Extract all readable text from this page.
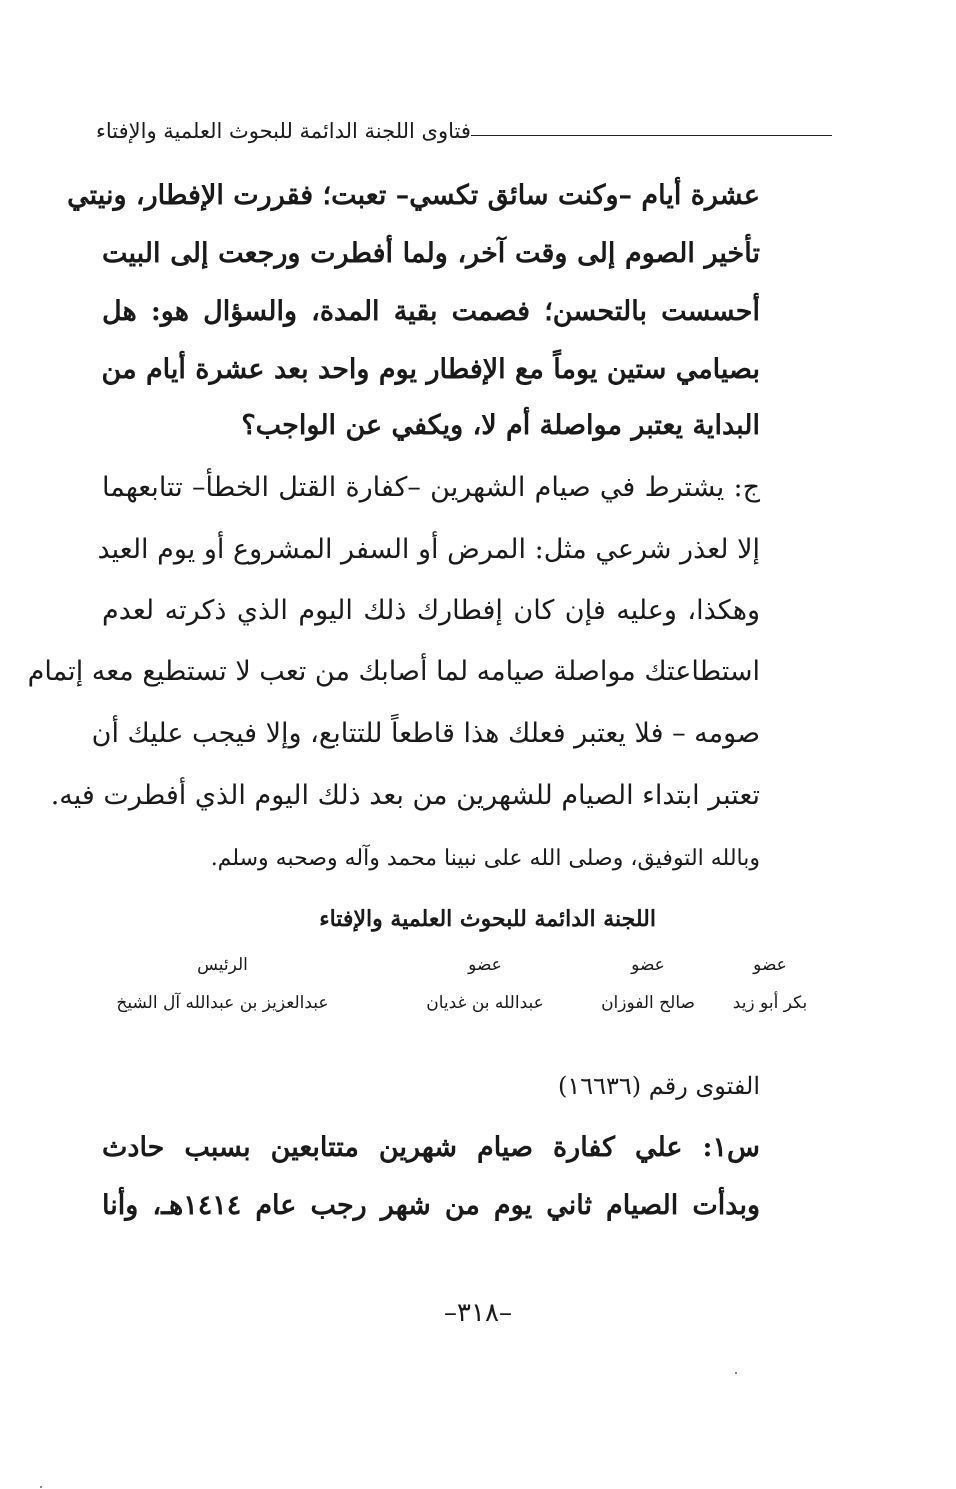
فتاوى اللجنة الدائمة للبحوث العلمية والإفتاء
عشرة أيام –وكنت سائق تكسي– تعبت؛ فقررت الإفطار، ونيتي
تأخير الصوم إلى وقت آخر، ولما أفطرت ورجعت إلى البيت
أحسست بالتحسن؛ فصمت بقية المدة، والسؤال هو: هل
بصيامي ستين يوماً مع الإفطار يوم واحد بعد عشرة أيام من
البداية يعتبر مواصلة أم لا، ويكفي عن الواجب؟
ج: يشترط في صيام الشهرين –كفارة القتل الخطأ– تتابعهما
إلا لعذر شرعي مثل: المرض أو السفر المشروع أو يوم العيد
وهكذا، وعليه فإن كان إفطارك ذلك اليوم الذي ذكرته لعدم
استطاعتك مواصلة صيامه لما أصابك من تعب لا تستطيع معه إتمام
صومه – فلا يعتبر فعلك هذا قاطعاً للتتابع، وإلا فيجب عليك أن
تعتبر ابتداء الصيام للشهرين من بعد ذلك اليوم الذي أفطرت فيه.
وبالله التوفيق، وصلى الله على نبينا محمد وآله وصحبه وسلم.
اللجنة الدائمة للبحوث العلمية والإفتاء
عضو
بكر أبو زيد
عضو
صالح الفوزان
عضو
عبدالله بن غديان
الرئيس
عبدالعزيز بن عبدالله آل الشيخ
الفتوى رقم (١٦٦٣٦)
س١: علي كفارة صيام شهرين متتابعين بسبب حادث
وبدأت الصيام ثاني يوم من شهر رجب عام ١٤١٤هـ، وأنا
–٣١٨–
